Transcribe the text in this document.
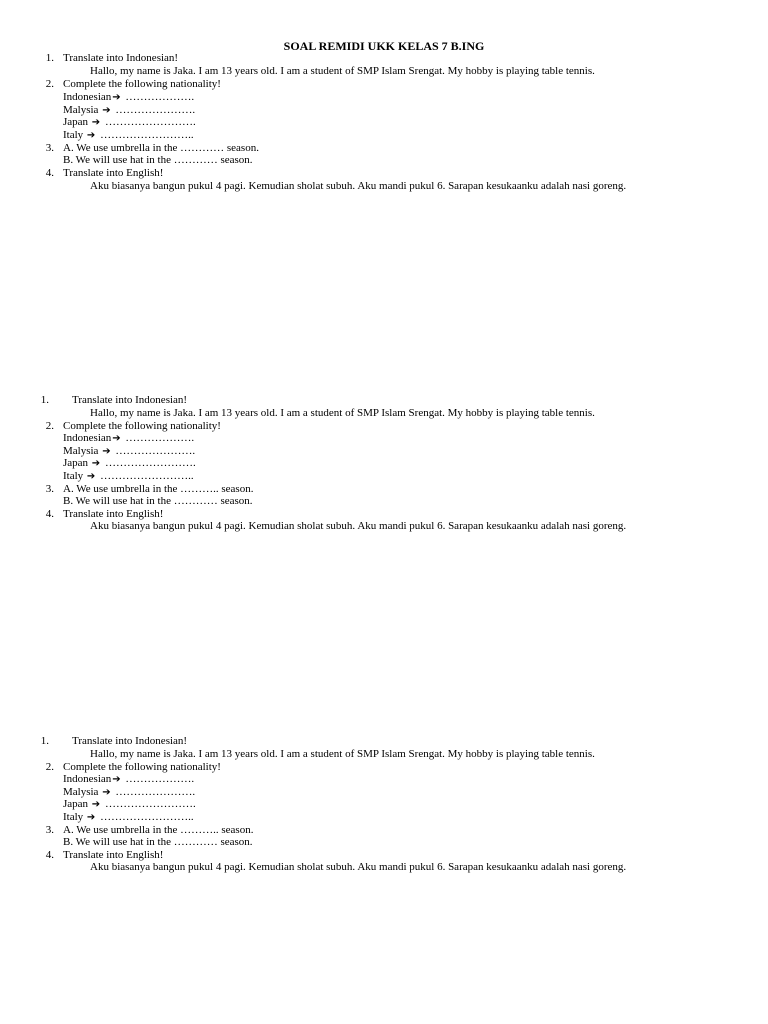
SOAL REMIDI UKK KELAS 7 B.ING
1. Translate into Indonesian!
Hallo, my name is Jaka. I am 13 years old. I am a student of SMP Islam Srengat. My hobby is playing table tennis.
2. Complete the following nationality!
Indonesian➔ ……………….
Malysia ➔ ………………….
Japan ➔ …………………….
Italy ➔ ……………………..
3. A. We use umbrella in the ………… season.
B. We will use hat in the ………… season.
4. Translate into English!
Aku biasanya bangun pukul 4 pagi. Kemudian sholat subuh. Aku mandi pukul 6. Sarapan kesukaanku adalah nasi goreng.
1. Translate into Indonesian!
Hallo, my name is Jaka. I am 13 years old. I am a student of SMP Islam Srengat. My hobby is playing table tennis.
2. Complete the following nationality!
Indonesian➔ ……………….
Malysia ➔ ………………….
Japan ➔ …………………….
Italy ➔ ……………………..
3. A. We use umbrella in the ……….. season.
B. We will use hat in the ………… season.
4. Translate into English!
Aku biasanya bangun pukul 4 pagi. Kemudian sholat subuh. Aku mandi pukul 6. Sarapan kesukaanku adalah nasi goreng.
1. Translate into Indonesian!
Hallo, my name is Jaka. I am 13 years old. I am a student of SMP Islam Srengat. My hobby is playing table tennis.
2. Complete the following nationality!
Indonesian➔ ……………….
Malysia ➔ ………………….
Japan ➔ …………………….
Italy ➔ ……………………..
3. A. We use umbrella in the ……….. season.
B. We will use hat in the ………… season.
4. Translate into English!
Aku biasanya bangun pukul 4 pagi. Kemudian sholat subuh. Aku mandi pukul 6. Sarapan kesukaanku adalah nasi goreng.
